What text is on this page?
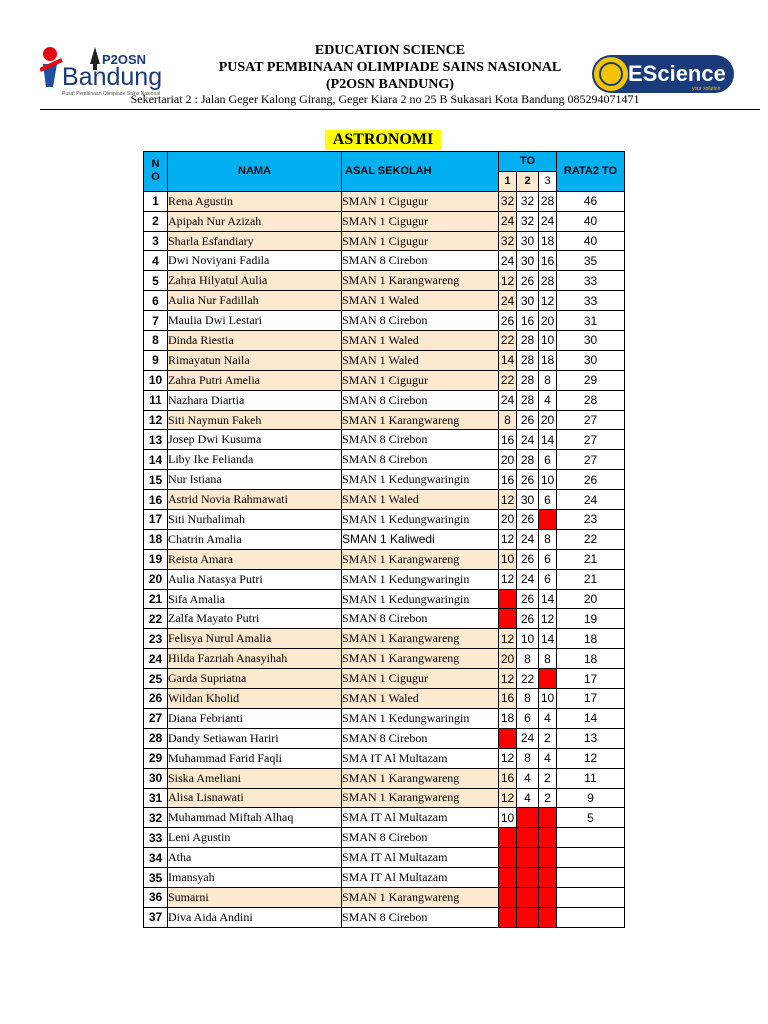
P2OSN
Bandung
Pusat Pembinaan Olimpiade Sains Nasional
EDUCATION SCIENCE
PUSAT PEMBINAAN OLIMPIADE SAINS NASIONAL
(P2OSN BANDUNG)	EScience
your solution
Sekertariat 2 : Jalan Geger Kalong Girang, Geger Kiara 2 no 25 B Sukasari Kota Bandung 085294071471
ASTRONOMI
N
O	NAMA	ASAL SEKOLAH	TO			RATA2 TO
			1	2	3	
1	Rena Agustin	SMAN 1 Cigugur	32	32	28	46
2	Apipah Nur Azizah	SMAN 1 Cigugur	24	32	24	40
3	Sharla Esfandiary	SMAN 1 Cigugur	32	30	18	40
4	Dwi Noviyani Fadila	SMAN 8 Cirebon	24	30	16	35
5	Zahra Hilyatul Aulia	SMAN 1 Karangwareng	12	26	28	33
6	Aulia Nur Fadillah	SMAN 1 Waled	24	30	12	33
7	Maulia Dwi Lestari	SMAN 8 Cirebon	26	16	20	31
8	Dinda Riestia	SMAN 1 Waled	22	28	10	30
9	Rimayatun Naila	SMAN 1 Waled	14	28	18	30
10	Zahra Putri Amelia	SMAN 1 Cigugur	22	28	8	29
11	Nazhara Diartia	SMAN 8 Cirebon	24	28	4	28
12	Siti Naymun Fakeh	SMAN 1 Karangwareng	8	26	20	27
13	Josep Dwi Kusuma	SMAN 8 Cirebon	16	24	14	27
14	Liby Ike Felianda	SMAN 8 Cirebon	20	28	6	27
15	Nur Istiana	SMAN 1 Kedungwaringin	16	26	10	26
16	Astrid Novia Rahmawati	SMAN 1 Waled	12	30	6	24
17	Siti Nurhalimah	SMAN 1 Kedungwaringin	20	26		23
18	Chatrin Amalia	SMAN 1 Kaliwedi	12	24	8	22
19	Reista Amara	SMAN 1 Karangwareng	10	26	6	21
20	Aulia Natasya Putri	SMAN 1 Kedungwaringin	12	24	6	21
21	Sifa Amalia	SMAN 1 Kedungwaringin		26	14	20
22	Zalfa Mayato Putri	SMAN 8 Cirebon		26	12	19
23	Felisya Nurul Amalia	SMAN 1 Karangwareng	12	10	14	18
24	Hilda Fazriah Anasyihah	SMAN 1 Karangwareng	20	8	8	18
25	Garda Supriatna	SMAN 1 Cigugur	12	22		17
26	Wildan Kholid	SMAN 1 Waled	16	8	10	17
27	Diana Febrianti	SMAN 1 Kedungwaringin	18	6	4	14
28	Dandy Setiawan Hariri	SMAN 8 Cirebon		24	2	13
29	Muhammad Farid Faqli	SMA IT Al Multazam	12	8	4	12
30	Siska Ameliani	SMAN 1 Karangwareng	16	4	2	11
31	Alisa Lisnawati	SMAN 1 Karangwareng	12	4	2	9
32	Muhammad Miftah Alhaq	SMA IT Al Multazam	10			5
33	Leni Agustin	SMAN 8 Cirebon				
34	Atha	SMA IT Al Multazam				
35	Imansyah	SMA IT Al Multazam				
36	Sumarni	SMAN 1 Karangwareng				
37	Diva Aida Andini	SMAN 8 Cirebon				
